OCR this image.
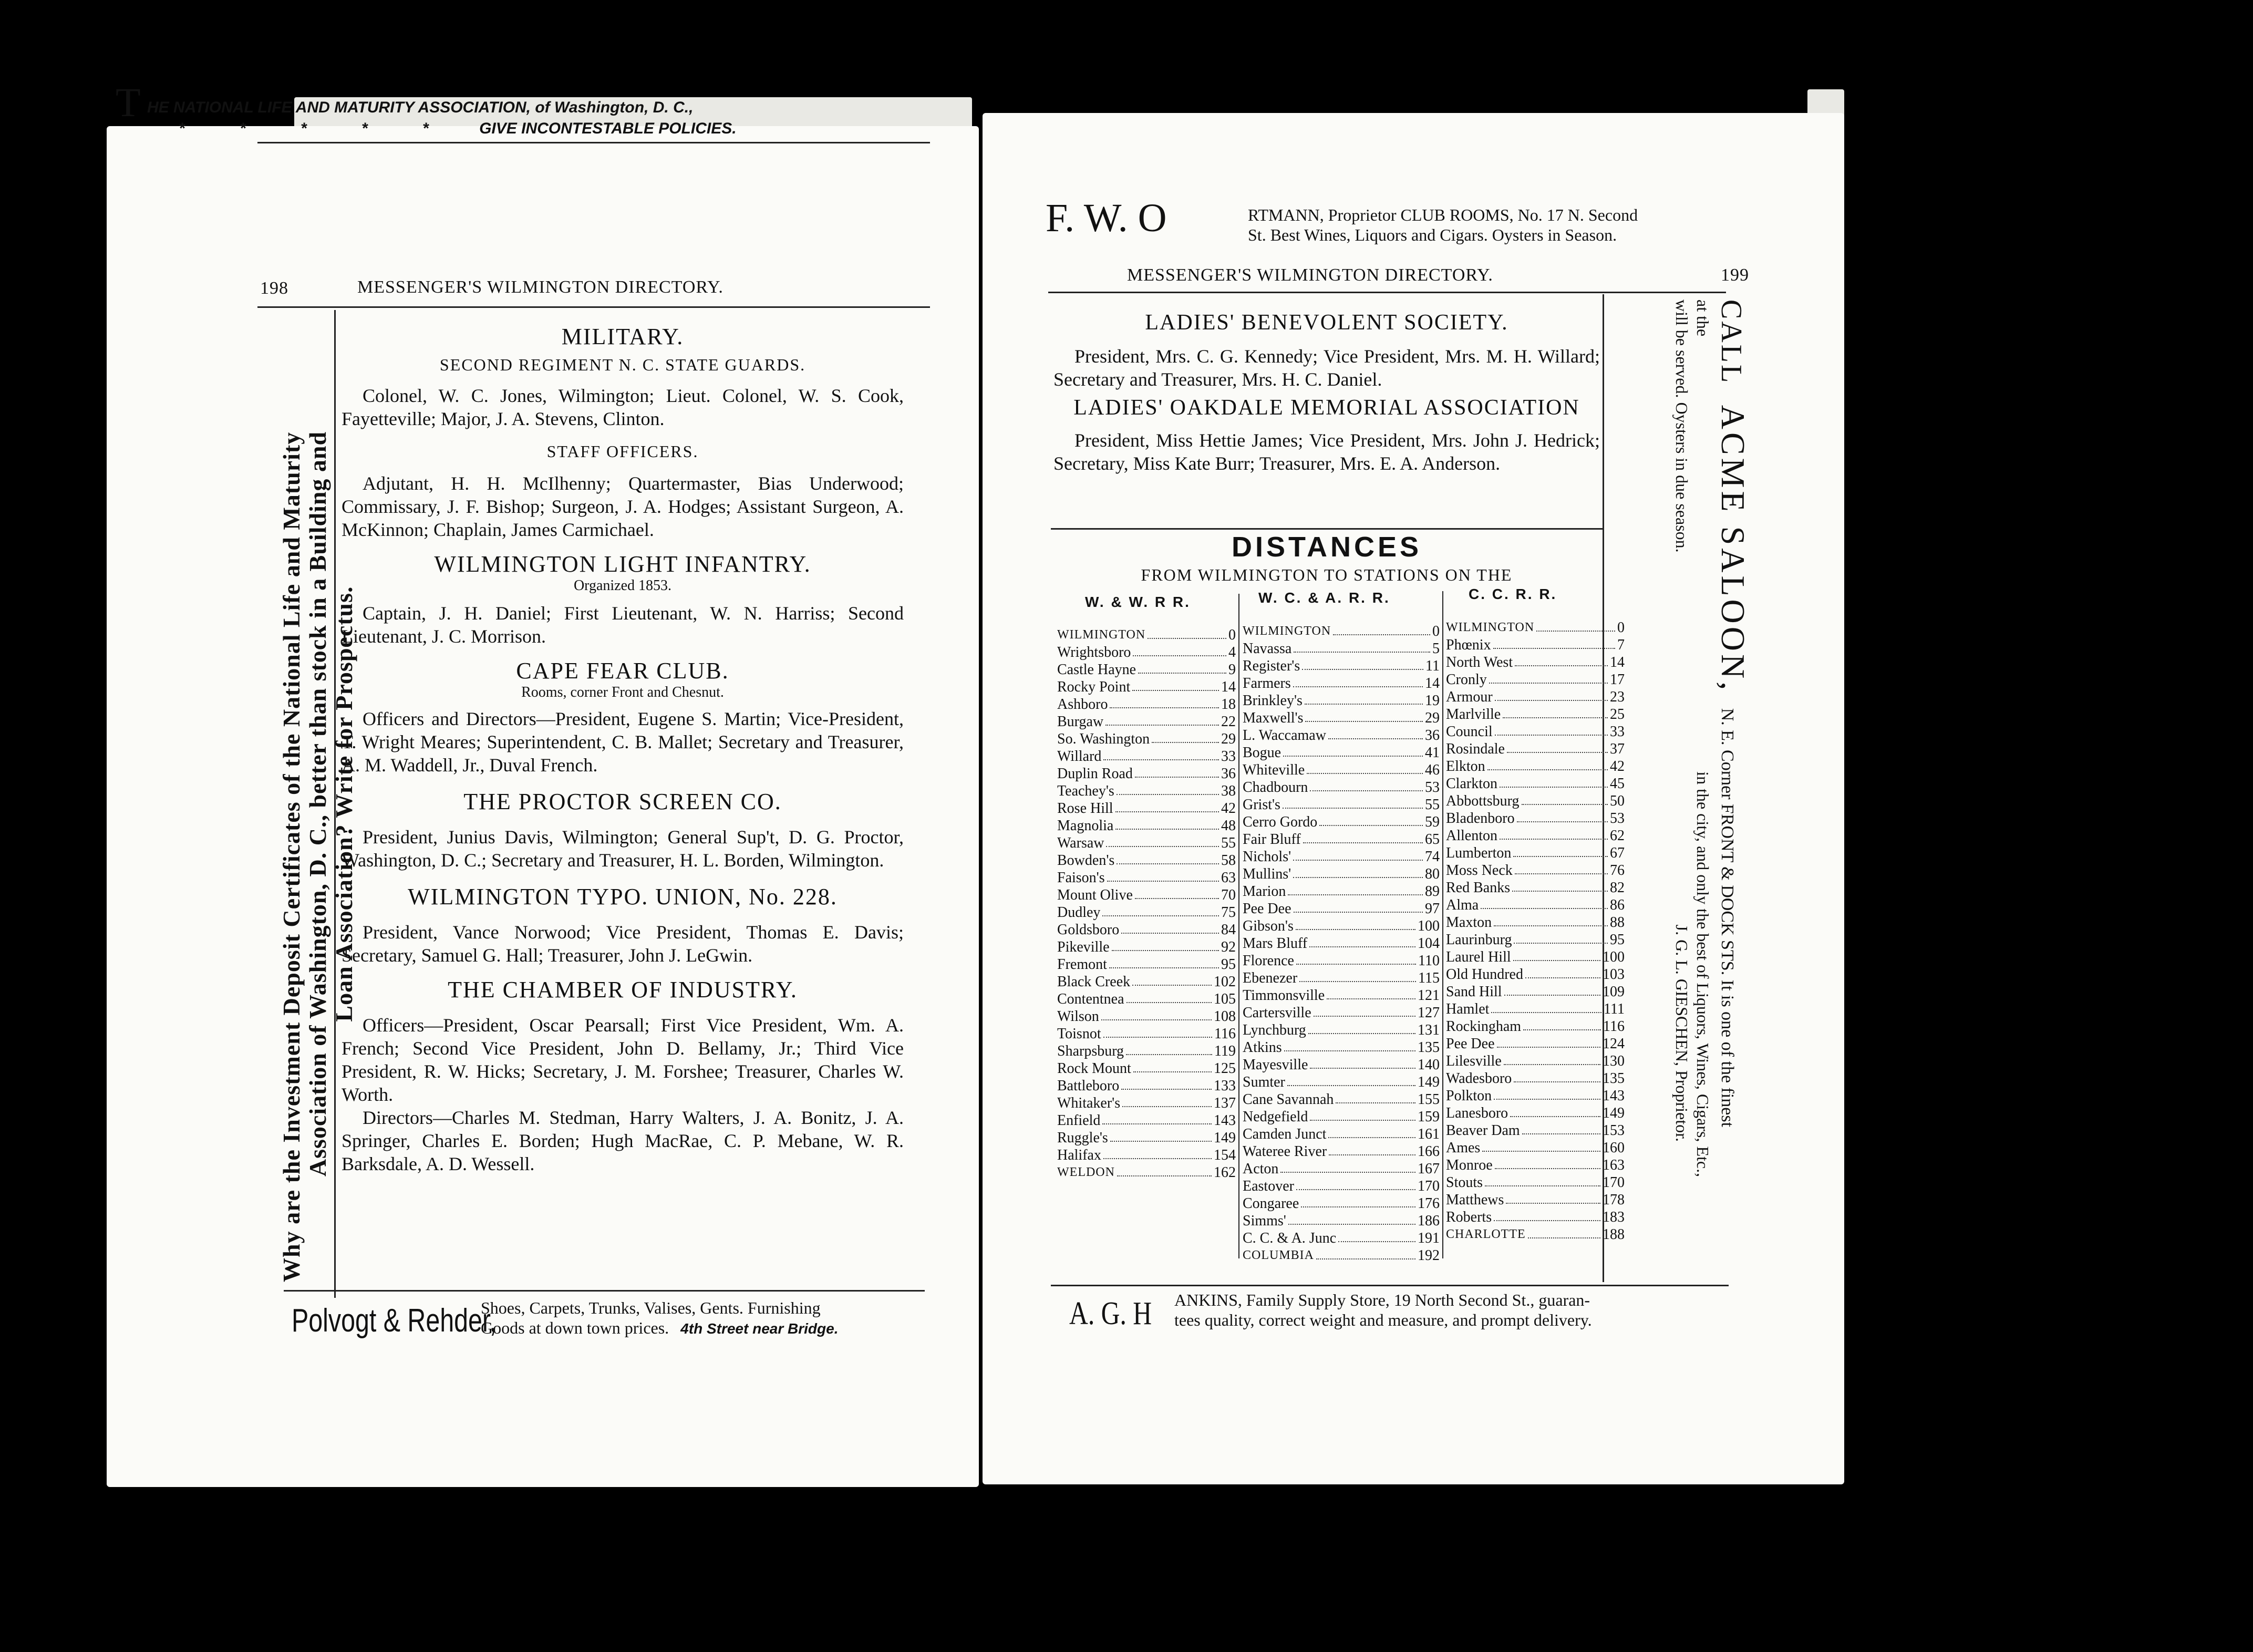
T HE NATIONAL LIFE AND MATURITY ASSOCIATION, of Washington, D. C.,
* * * * * GIVE INCONTESTABLE POLICIES.
198	MESSENGER'S WILMINGTON DIRECTORY.
Why are the Investment Deposit Certificates of the National Life and Maturity Association of Washington, D. C., better than stock in a Building and Loan Association? Write for Prospectus.

MILITARY.

SECOND REGIMENT N. C. STATE GUARDS.

Colonel, W. C. Jones, Wilmington; Lieut. Colonel, W. S. Cook, Fayetteville; Major, J. A. Stevens, Clinton.

STAFF OFFICERS.

Adjutant, H. H. McIlhenny; Quartermaster, Bias Underwood; Commissary, J. F. Bishop; Surgeon, J. A. Hodges; Assistant Surgeon, A. McKinnon; Chaplain, James Carmichael.

WILMINGTON LIGHT INFANTRY.

Organized 1853.

Captain, J. H. Daniel; First Lieutenant, W. N. Harriss; Second Lieutenant, J. C. Morrison.

CAPE FEAR CLUB.

Rooms, corner Front and Chesnut.

Officers and Directors—President, Eugene S. Martin; Vice-President, T. Wright Meares; Superintendent, C. B. Mallet; Secretary and Treasurer, A. M. Waddell, Jr., Duval French.

THE PROCTOR SCREEN CO.

President, Junius Davis, Wilmington; General Sup't, D. G. Proctor, Washington, D. C.; Secretary and Treasurer, H. L. Borden, Wilmington.

WILMINGTON TYPO. UNION, No. 228.

President, Vance Norwood; Vice President, Thomas E. Davis; Secretary, Samuel G. Hall; Treasurer, John J. LeGwin.

THE CHAMBER OF INDUSTRY.

Officers—President, Oscar Pearsall; First Vice President, Wm. A. French; Second Vice President, John D. Bellamy, Jr.; Third Vice President, R. W. Hicks; Secretary, J. M. Forshee; Treasurer, Charles W. Worth.

Directors—Charles M. Stedman, Harry Walters, J. A. Bonitz, J. A. Springer, Charles E. Borden; Hugh MacRae, C. P. Mebane, W. R. Barksdale, A. D. Wessell.

Polvogt & Rehder,
Shoes, Carpets, Trunks, Valises, Gents. Furnishing
Goods at down town prices. 4th Street near Bridge.
F. W. O	RTMANN, Proprietor CLUB ROOMS, No. 17 N. Second
St. Best Wines, Liquors and Cigars. Oysters in Season.
MESSENGER'S WILMINGTON DIRECTORY.	199
CALL ACME SALOON, N. E. Corner FRONT & DOCK STS. It is one of the finest
at the in the city, and only the best of Liquors, Wines, Cigars, Etc.,
will be served. Oysters in due season. J. G. L. GIESCHEN, Proprietor.

LADIES' BENEVOLENT SOCIETY.

President, Mrs. C. G. Kennedy; Vice President, Mrs. M. H. Willard; Secretary and Treasurer, Mrs. H. C. Daniel.

LADIES' OAKDALE MEMORIAL ASSOCIATION

President, Miss Hettie James; Vice President, Mrs. John J. Hedrick; Secretary, Miss Kate Burr; Treasurer, Mrs. E. A. Anderson.

DISTANCES
FROM WILMINGTON TO STATIONS ON THE
W. & W. R R.	W. C. & A. R. R.	C. C. R. R.
WILMINGTON	0
Wrightsboro	4
Castle Hayne	9
Rocky Point	14
Ashboro	18
Burgaw	22
So. Washington	29
Willard	33
Duplin Road	36
Teachey's	38
Rose Hill	42
Magnolia	48
Warsaw	55
Bowden's	58
Faison's	63
Mount Olive	70
Dudley	75
Goldsboro	84
Pikeville	92
Fremont	95
Black Creek	102
Contentnea	105
Wilson	108
Toisnot	116
Sharpsburg	119
Rock Mount	125
Battleboro	133
Whitaker's	137
Enfield	143
Ruggle's	149
Halifax	154
WELDON	162
WILMINGTON	0
Navassa	5
Register's	11
Farmers	14
Brinkley's	19
Maxwell's	29
L. Waccamaw	36
Bogue	41
Whiteville	46
Chadbourn	53
Grist's	55
Cerro Gordo	59
Fair Bluff	65
Nichols'	74
Mullins'	80
Marion	89
Pee Dee	97
Gibson's	100
Mars Bluff	104
Florence	110
Ebenezer	115
Timmonsville	121
Cartersville	127
Lynchburg	131
Atkins	135
Mayesville	140
Sumter	149
Cane Savannah	155
Nedgefield	159
Camden Junct	161
Wateree River	166
Acton	167
Eastover	170
Congaree	176
Simms'	186
C. C. & A. Junc	191
COLUMBIA	192
WILMINGTON	0
Phœnix	7
North West	14
Cronly	17
Armour	23
Marlville	25
Council	33
Rosindale	37
Elkton	42
Clarkton	45
Abbottsburg	50
Bladenboro	53
Allenton	62
Lumberton	67
Moss Neck	76
Red Banks	82
Alma	86
Maxton	88
Laurinburg	95
Laurel Hill	100
Old Hundred	103
Sand Hill	109
Hamlet	111
Rockingham	116
Pee Dee	124
Lilesville	130
Wadesboro	135
Polkton	143
Lanesboro	149
Beaver Dam	153
Ames	160
Monroe	163
Stouts	170
Matthews	178
Roberts	183
CHARLOTTE	188
A. G. H ANKINS, Family Supply Store, 19 North Second St., guaran-
tees quality, correct weight and measure, and prompt delivery.
